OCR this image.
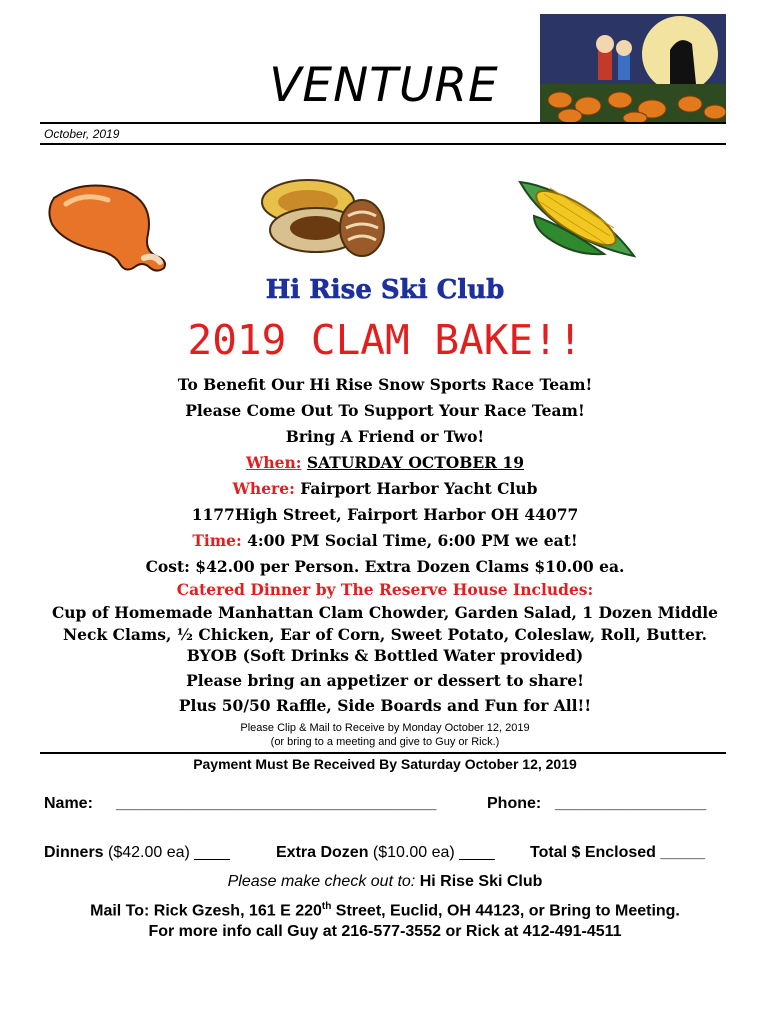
VENTURE
October, 2019
Hi Rise Ski Club
2019 CLAM BAKE!!
To Benefit Our Hi Rise Snow Sports Race Team!
Please Come Out To Support Your Race Team!
Bring A Friend or Two!
When: SATURDAY OCTOBER 19
Where: Fairport Harbor Yacht Club
1177High Street, Fairport Harbor OH 44077
Time: 4:00 PM Social Time, 6:00 PM we eat!
Cost: $42.00 per Person. Extra Dozen Clams $10.00 ea.
Catered Dinner by The Reserve House Includes:
Cup of Homemade Manhattan Clam Chowder, Garden Salad, 1 Dozen Middle
Neck Clams, ½ Chicken, Ear of Corn, Sweet Potato, Coleslaw, Roll, Butter.
BYOB (Soft Drinks & Bottled Water provided)
Please bring an appetizer or dessert to share!
Plus 50/50 Raffle, Side Boards and Fun for All!!
Please Clip & Mail to Receive by Monday October 12, 2019
(or bring to a meeting and give to Guy or Rick.)
Payment Must Be Received By Saturday October 12, 2019
Name: ____________________________________	Phone: _________________
Dinners ($42.00 ea) ____	Extra Dozen ($10.00 ea) ____ Total $ Enclosed _____
Please make check out to: Hi Rise Ski Club
Mail To: Rick Gzesh, 161 E 220th Street, Euclid, OH 44123, or Bring to Meeting.
For more info call Guy at 216-577-3552 or Rick at 412-491-4511
